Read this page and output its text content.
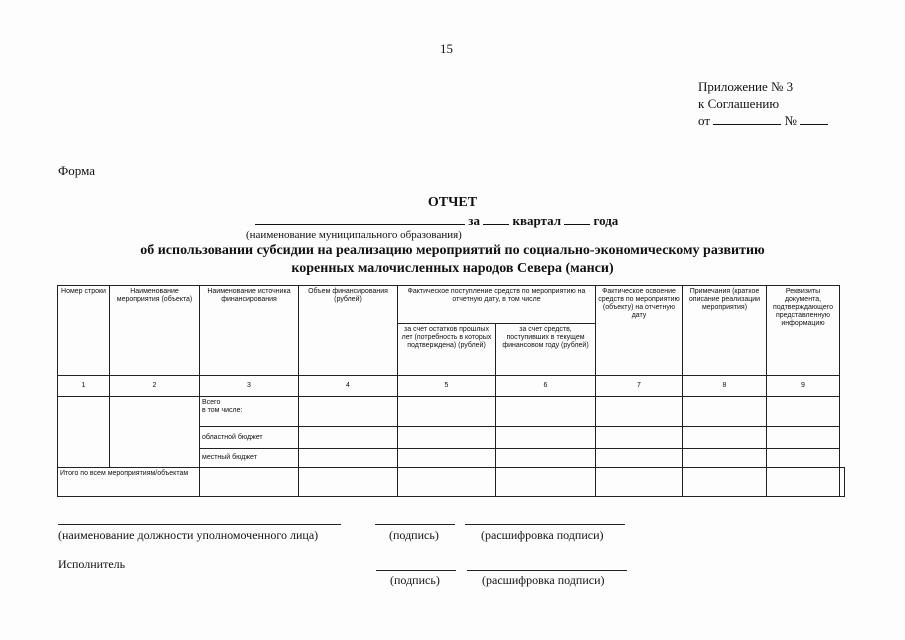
15
Приложение № 3
к Соглашению
от	№
Форма
ОТЧЕТ
за	квартал	года
(наименование муниципального образования)
об использовании субсидии на реализацию мероприятий по социально-экономическому развитию
коренных малочисленных народов Севера (манси)
Номер строки	Наименование мероприятия (объекта)	Наименование источника финансирования	Объем финансирования (рублей)	Фактическое поступление средств по мероприятию на отчетную дату, в том числе		Фактическое освоение средств по мероприятию (объекту) на отчетную дату	Примечания (краткое описание реализации мероприятия)	Реквизиты документа, подтверждающего представленную информацию	
				за счет остатков прошлых лет (потребность в которых подтверждена) (рублей)	за счет средств, поступивших в текущем финансовом году (рублей)				
1	2	3	4	5	6	7	8	9	

		Всего
в том числе:							

		областной бюджет							
		местный бюджет							
Итого по всем мероприятиям/объектам									
(наименование должности уполномоченного лица)	(подпись)	(расшифровка подписи)
Исполнитель
(подпись)	(расшифровка подписи)
